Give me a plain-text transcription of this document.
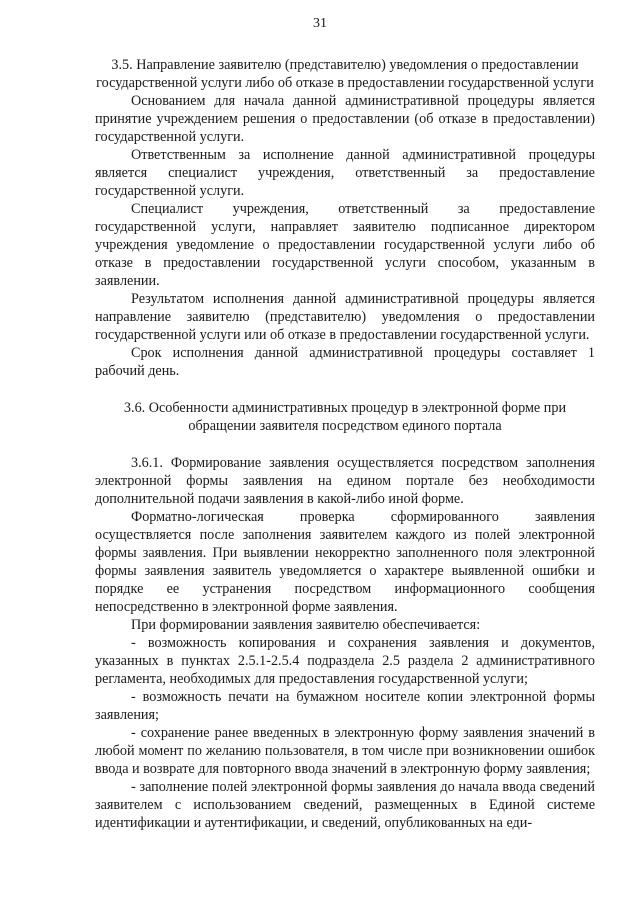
31

3.5. Направление заявителю (представителю) уведомления о предоставлении государственной услуги либо об отказе в предоставлении государственной услуги

Основанием для начала данной административной процедуры является принятие учреждением решения о предоставлении (об отказе в предоставлении) государственной услуги.

Ответственным за исполнение данной административной процедуры является специалист учреждения, ответственный за предоставление государственной услуги.

Специалист учреждения, ответственный за предоставление государственной услуги, направляет заявителю подписанное директором учреждения уведомление о предоставлении государственной услуги либо об отказе в предоставлении государственной услуги способом, указанным в заявлении.

Результатом исполнения данной административной процедуры является направление заявителю (представителю) уведомления о предоставлении государственной услуги или об отказе в предоставлении государственной услуги.

Срок исполнения данной административной процедуры составляет 1 рабочий день.

3.6. Особенности административных процедур в электронной форме при обращении заявителя посредством единого портала

3.6.1. Формирование заявления осуществляется посредством заполнения электронной формы заявления на едином портале без необходимости дополнительной подачи заявления в какой-либо иной форме.

Форматно-логическая проверка сформированного заявления осуществляется после заполнения заявителем каждого из полей электронной формы заявления. При выявлении некорректно заполненного поля электронной формы заявления заявитель уведомляется о характере выявленной ошибки и порядке ее устранения посредством информационного сообщения непосредственно в электронной форме заявления.

При формировании заявления заявителю обеспечивается:

- возможность копирования и сохранения заявления и документов, указанных в пунктах 2.5.1-2.5.4 подраздела 2.5 раздела 2 административного регламента, необходимых для предоставления государственной услуги;

- возможность печати на бумажном носителе копии электронной формы заявления;

- сохранение ранее введенных в электронную форму заявления значений в любой момент по желанию пользователя, в том числе при возникновении ошибок ввода и возврате для повторного ввода значений в электронную форму заявления;

- заполнение полей электронной формы заявления до начала ввода сведений заявителем с использованием сведений, размещенных в Единой системе идентификации и аутентификации, и сведений, опубликованных на еди-
